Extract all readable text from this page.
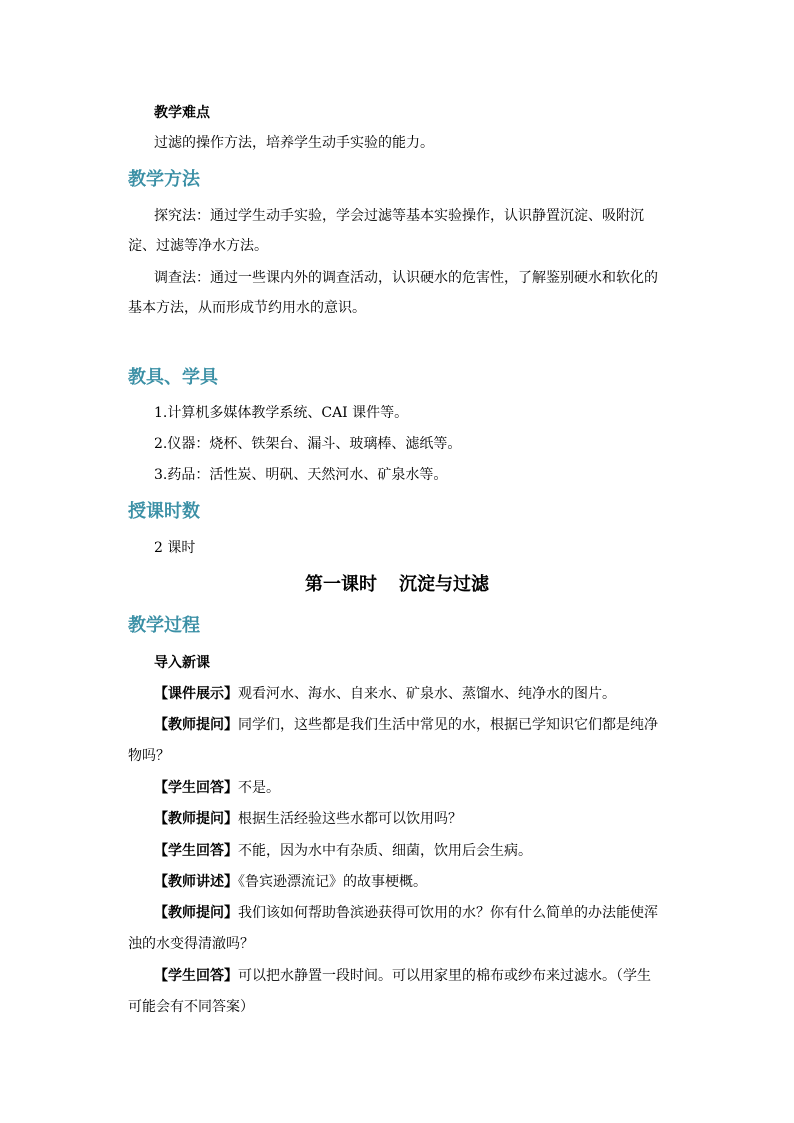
教学难点
过滤的操作方法，培养学生动手实验的能力。
教学方法
探究法：通过学生动手实验，学会过滤等基本实验操作，认识静置沉淀、吸附沉
淀、过滤等净水方法。
调查法：通过一些课内外的调查活动，认识硬水的危害性，了解鉴别硬水和软化的
基本方法，从而形成节约用水的意识。
教具、学具
1.计算机多媒体教学系统、CAI 课件等。
2.仪器：烧杯、铁架台、漏斗、玻璃棒、滤纸等。
3.药品：活性炭、明矾、天然河水、矿泉水等。
授课时数
2 课时
第一课时 沉淀与过滤
教学过程
导入新课
【课件展示】观看河水、海水、自来水、矿泉水、蒸馏水、纯净水的图片。
【教师提问】同学们，这些都是我们生活中常见的水，根据已学知识它们都是纯净
物吗？
【学生回答】不是。
【教师提问】根据生活经验这些水都可以饮用吗？
【学生回答】不能，因为水中有杂质、细菌，饮用后会生病。
【教师讲述】《鲁宾逊漂流记》的故事梗概。
【教师提问】我们该如何帮助鲁滨逊获得可饮用的水？你有什么简单的办法能使浑
浊的水变得清澈吗？
【学生回答】可以把水静置一段时间。可以用家里的棉布或纱布来过滤水。（学生
可能会有不同答案）
